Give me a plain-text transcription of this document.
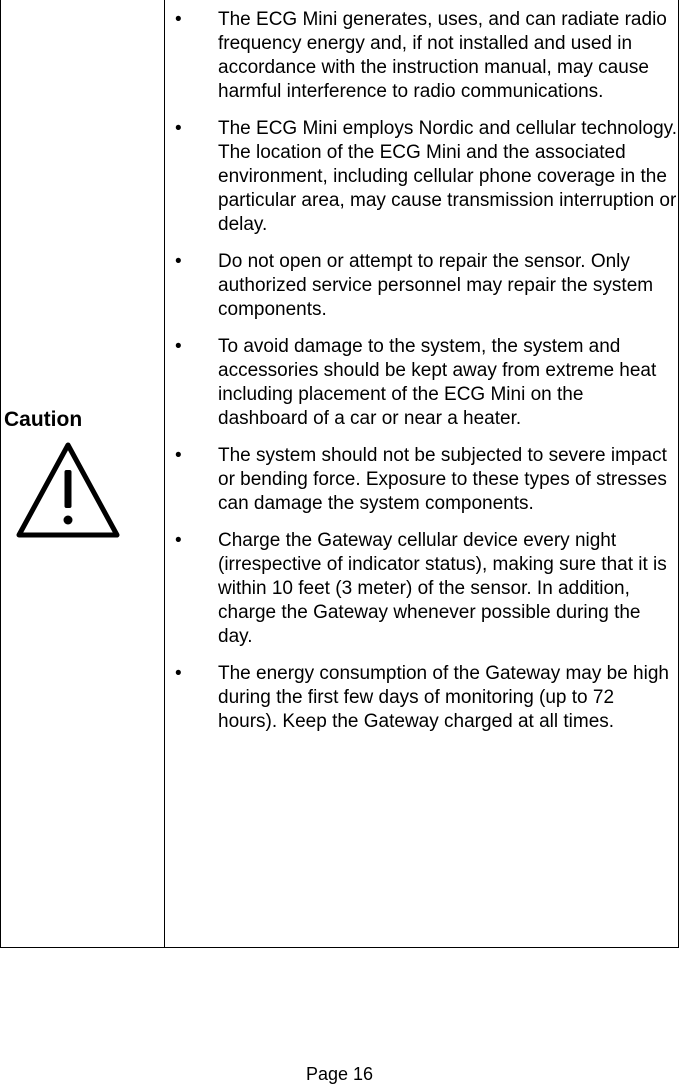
Caution
• The ECG Mini generates, uses, and can radiate radio frequency energy and, if not installed and used in accordance with the instruction manual, may cause harmful interference to radio communications.
• The ECG Mini employs Nordic and cellular technology. The location of the ECG Mini and the associated environment, including cellular phone coverage in the particular area, may cause transmission interruption or delay.
• Do not open or attempt to repair the sensor. Only authorized service personnel may repair the system components.
• To avoid damage to the system, the system and accessories should be kept away from extreme heat including placement of the ECG Mini on the dashboard of a car or near a heater.
• The system should not be subjected to severe impact or bending force. Exposure to these types of stresses can damage the system components.
• Charge the Gateway cellular device every night (irrespective of indicator status), making sure that it is within 10 feet (3 meter) of the sensor. In addition, charge the Gateway whenever possible during the day.
• The energy consumption of the Gateway may be high during the first few days of monitoring (up to 72 hours). Keep the Gateway charged at all times.
Page 16
